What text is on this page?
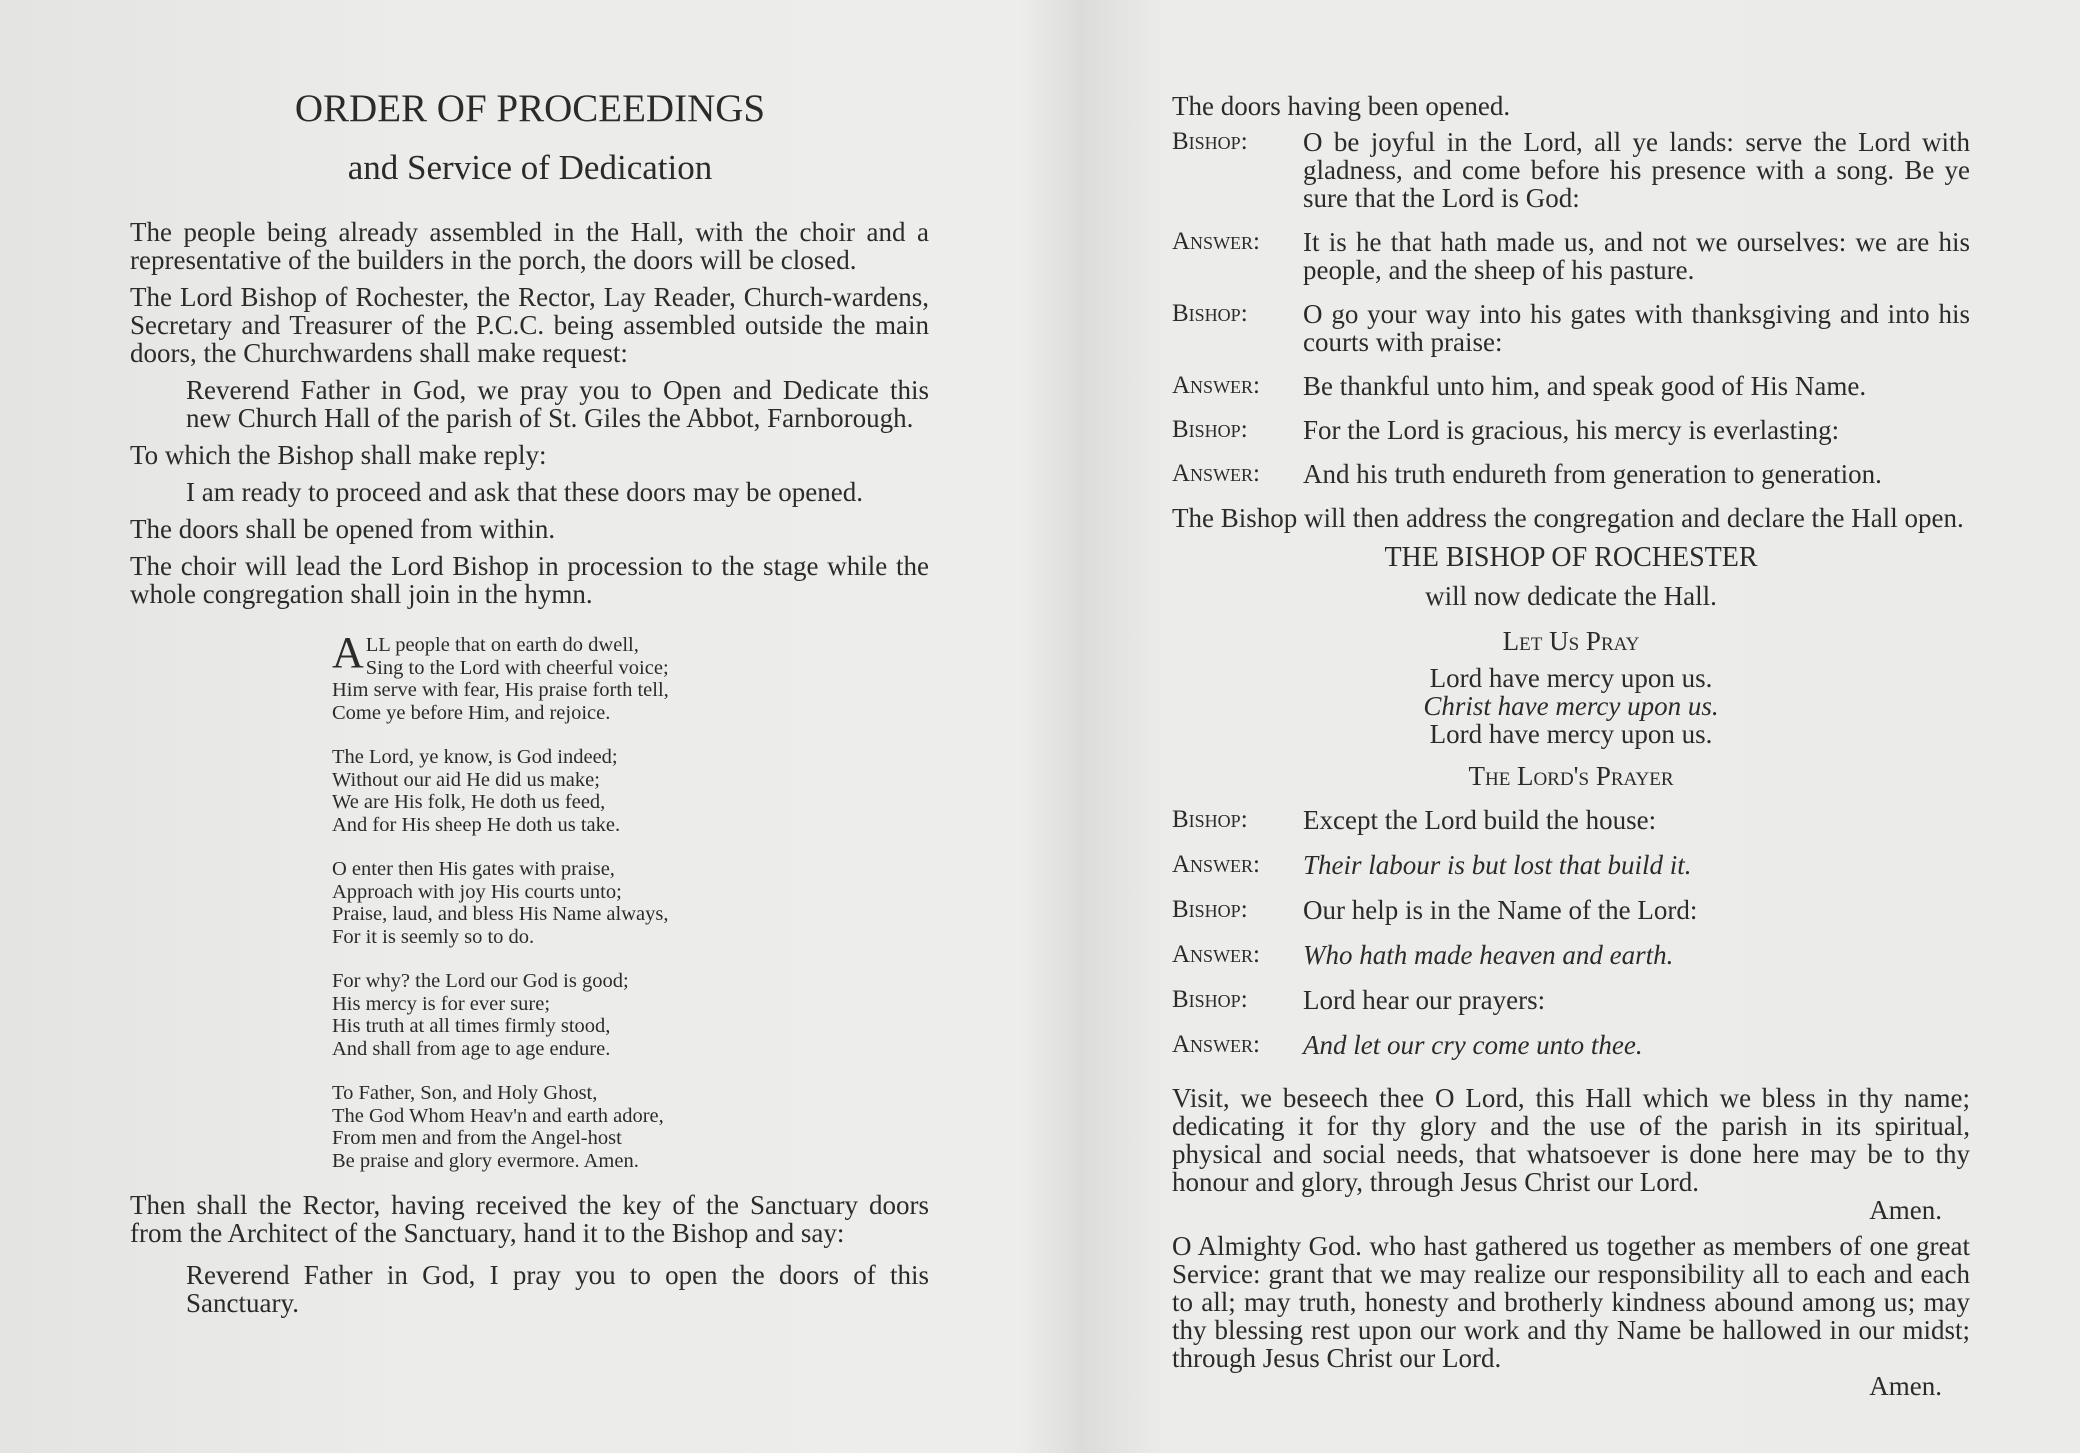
ORDER OF PROCEEDINGS
and Service of Dedication
The people being already assembled in the Hall, with the choir and a representative of the builders in the porch, the doors will be closed.
The Lord Bishop of Rochester, the Rector, Lay Reader, Church-wardens, Secretary and Treasurer of the P.C.C. being assembled outside the main doors, the Churchwardens shall make request:
Reverend Father in God, we pray you to Open and Dedicate this new Church Hall of the parish of St. Giles the Abbot, Farnborough.
To which the Bishop shall make reply:
I am ready to proceed and ask that these doors may be opened.
The doors shall be opened from within.
The choir will lead the Lord Bishop in procession to the stage while the whole congregation shall join in the hymn.
A LL people that on earth do dwell,
Sing to the Lord with cheerful voice;
Him serve with fear, His praise forth tell,
Come ye before Him, and rejoice.
The Lord, ye know, is God indeed;
Without our aid He did us make;
We are His folk, He doth us feed,
And for His sheep He doth us take.
O enter then His gates with praise,
Approach with joy His courts unto;
Praise, laud, and bless His Name always,
For it is seemly so to do.
For why? the Lord our God is good;
His mercy is for ever sure;
His truth at all times firmly stood,
And shall from age to age endure.
To Father, Son, and Holy Ghost,
The God Whom Heav'n and earth adore,
From men and from the Angel-host
Be praise and glory evermore. Amen.
Then shall the Rector, having received the key of the Sanctuary doors from the Architect of the Sanctuary, hand it to the Bishop and say:
Reverend Father in God, I pray you to open the doors of this Sanctuary.
The doors having been opened.
Bishop:	O be joyful in the Lord, all ye lands: serve the Lord with gladness, and come before his presence with a song. Be ye sure that the Lord is God:
Answer:	It is he that hath made us, and not we ourselves: we are his people, and the sheep of his pasture.
Bishop:	O go your way into his gates with thanksgiving and into his courts with praise:
Answer:	Be thankful unto him, and speak good of His Name.
Bishop:	For the Lord is gracious, his mercy is everlasting:
Answer:	And his truth endureth from generation to generation.
The Bishop will then address the congregation and declare the Hall open.
THE BISHOP OF ROCHESTER
will now dedicate the Hall.
Let Us Pray
Lord have mercy upon us.
Christ have mercy upon us.
Lord have mercy upon us.
The Lord's Prayer
Bishop:	Except the Lord build the house:
Answer:	Their labour is but lost that build it.
Bishop:	Our help is in the Name of the Lord:
Answer:	Who hath made heaven and earth.
Bishop:	Lord hear our prayers:
Answer:	And let our cry come unto thee.
Visit, we beseech thee O Lord, this Hall which we bless in thy name; dedicating it for thy glory and the use of the parish in its spiritual, physical and social needs, that whatsoever is done here may be to thy honour and glory, through Jesus Christ our Lord.
Amen.
O Almighty God. who hast gathered us together as members of one great Service: grant that we may realize our responsibility all to each and each to all; may truth, honesty and brotherly kindness abound among us; may thy blessing rest upon our work and thy Name be hallowed in our midst; through Jesus Christ our Lord.
Amen.
